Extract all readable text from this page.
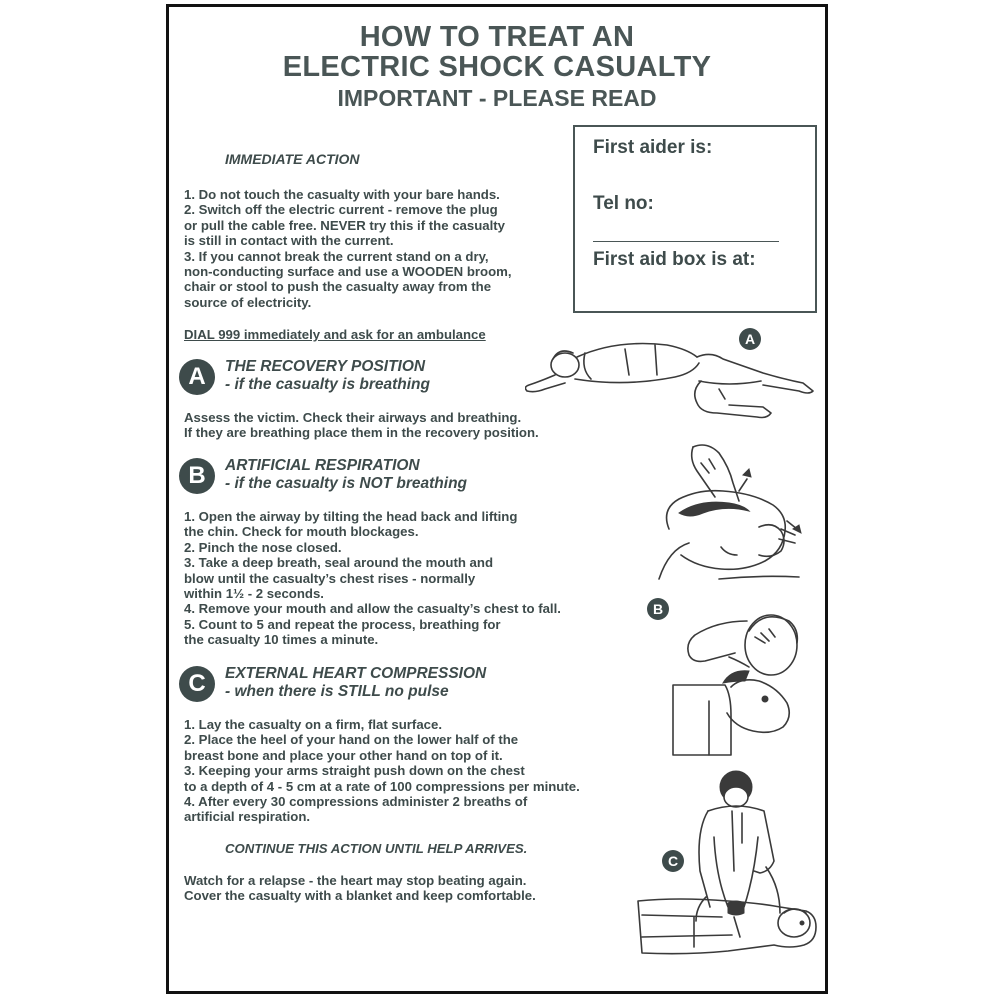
HOW TO TREAT AN
ELECTRIC SHOCK CASUALTY
IMPORTANT - PLEASE READ
First aider is:
Tel no:
First aid box is at:
IMMEDIATE ACTION
1. Do not touch the casualty with your bare hands.
2. Switch off the electric current - remove the plug
or pull the cable free. NEVER try this if the casualty
is still in contact with the current.
3. If you cannot break the current stand on a dry,
non-conducting surface and use a WOODEN broom,
chair or stool to push the casualty away from the
source of electricity.
DIAL 999 immediately and ask for an ambulance
A	THE RECOVERY POSITION
- if the casualty is breathing
Assess the victim. Check their airways and breathing.
If they are breathing place them in the recovery position.
B	ARTIFICIAL RESPIRATION
- if the casualty is NOT breathing
1. Open the airway by tilting the head back and lifting
the chin. Check for mouth blockages.
2. Pinch the nose closed.
3. Take a deep breath, seal around the mouth and
blow until the casualty’s chest rises - normally
within 1½ - 2 seconds.
4. Remove your mouth and allow the casualty’s chest to fall.
5. Count to 5 and repeat the process, breathing for
the casualty 10 times a minute.
C	EXTERNAL HEART COMPRESSION
- when there is STILL no pulse
1. Lay the casualty on a firm, flat surface.
2. Place the heel of your hand on the lower half of the
breast bone and place your other hand on top of it.
3. Keeping your arms straight push down on the chest
to a depth of 4 - 5 cm at a rate of 100 compressions per minute.
4. After every 30 compressions administer 2 breaths of
artificial respiration.
CONTINUE THIS ACTION UNTIL HELP ARRIVES.
Watch for a relapse - the heart may stop beating again.
Cover the casualty with a blanket and keep comfortable.
A
B
C
